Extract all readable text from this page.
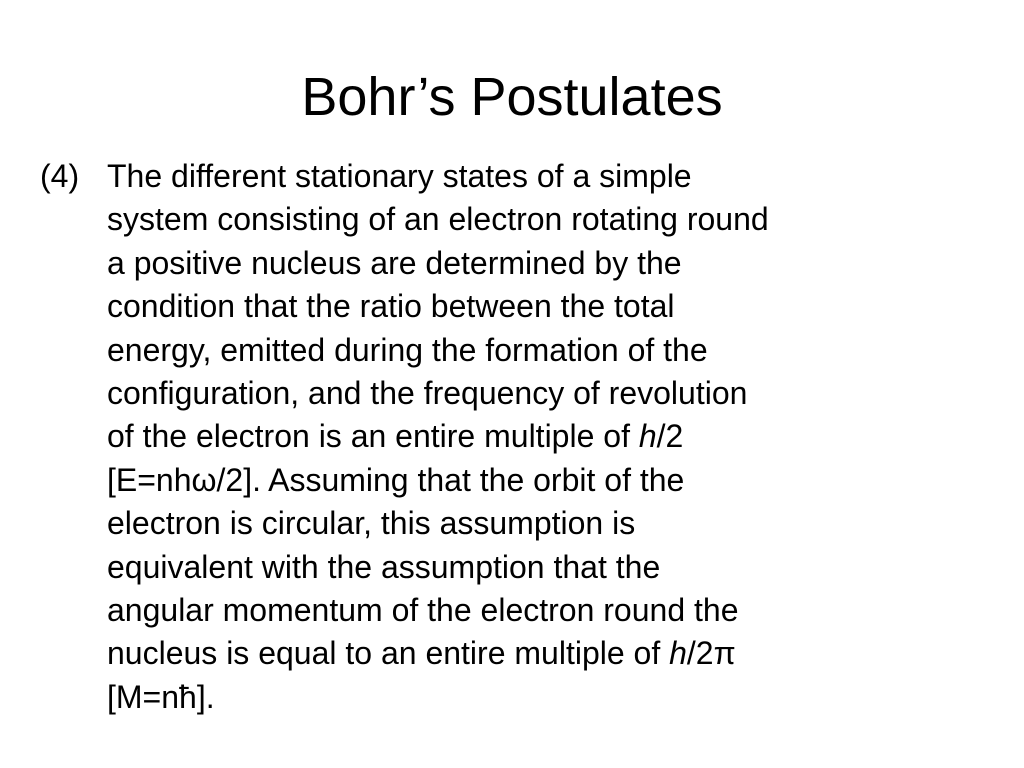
Bohr’s Postulates
(4) The different stationary states of a simple
system consisting of an electron rotating round
a positive nucleus are determined by the
condition that the ratio between the total
energy, emitted during the formation of the
configuration, and the frequency of revolution
of the electron is an entire multiple of h/2
[E=nhω/2]. Assuming that the orbit of the
electron is circular, this assumption is
equivalent with the assumption that the
angular momentum of the electron round the
nucleus is equal to an entire multiple of h/2π
[M=nħ].
